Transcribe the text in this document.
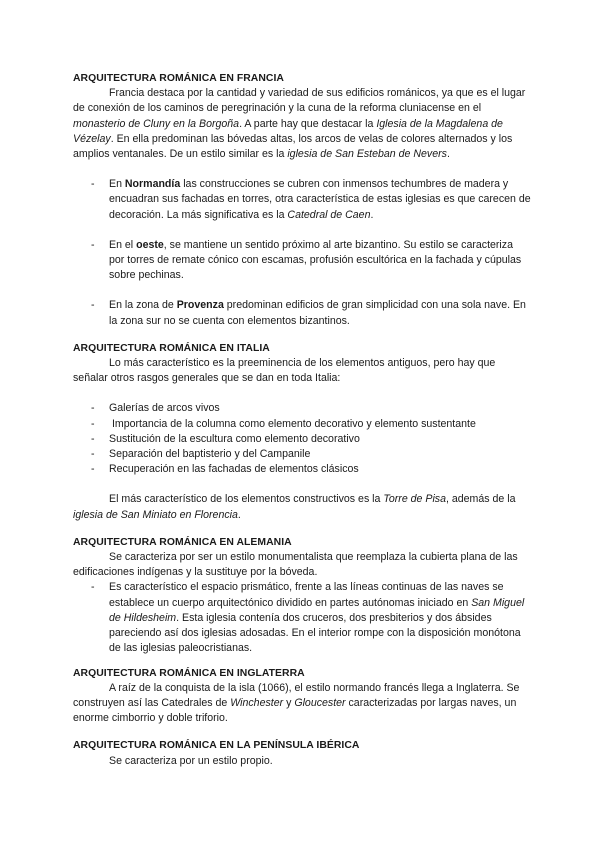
ARQUITECTURA ROMÁNICA EN FRANCIA

Francia destaca por la cantidad y variedad de sus edificios románicos, ya que es el lugar de conexión de los caminos de peregrinación y la cuna de la reforma cluniacense en el monasterio de Cluny en la Borgoña. A parte hay que destacar la Iglesia de la Magdalena de Vézelay. En ella predominan las bóvedas altas, los arcos de velas de colores alternados y los amplios ventanales. De un estilo similar es la iglesia de San Esteban de Nevers.

- En Normandía las construcciones se cubren con inmensos techumbres de madera y encuadran sus fachadas en torres, otra característica de estas iglesias es que carecen de decoración. La más significativa es la Catedral de Caen.
- En el oeste, se mantiene un sentido próximo al arte bizantino. Su estilo se caracteriza por torres de remate cónico con escamas, profusión escultórica en la fachada y cúpulas sobre pechinas.
- En la zona de Provenza predominan edificios de gran simplicidad con una sola nave. En la zona sur no se cuenta con elementos bizantinos.
ARQUITECTURA ROMÁNICA EN ITALIA

Lo más característico es la preeminencia de los elementos antiguos, pero hay que señalar otros rasgos generales que se dan en toda Italia:

- Galerías de arcos vivos
- Importancia de la columna como elemento decorativo y elemento sustentante
- Sustitución de la escultura como elemento decorativo
- Separación del baptisterio y del Campanile
- Recuperación en las fachadas de elementos clásicos

El más característico de los elementos constructivos es la Torre de Pisa, además de la iglesia de San Miniato en Florencia.

ARQUITECTURA ROMÁNICA EN ALEMANIA

Se caracteriza por ser un estilo monumentalista que reemplaza la cubierta plana de las edificaciones indígenas y la sustituye por la bóveda.

- Es característico el espacio prismático, frente a las líneas continuas de las naves se establece un cuerpo arquitectónico dividido en partes autónomas iniciado en San Miguel de Hildesheim. Esta iglesia contenía dos cruceros, dos presbiterios y dos ábsides pareciendo así dos iglesias adosadas. En el interior rompe con la disposición monótona de las iglesias paleocristianas.
ARQUITECTURA ROMÁNICA EN INGLATERRA

A raíz de la conquista de la isla (1066), el estilo normando francés llega a Inglaterra. Se construyen así las Catedrales de Winchester y Gloucester caracterizadas por largas naves, un enorme cimborrio y doble triforio.

ARQUITECTURA ROMÁNICA EN LA PENÍNSULA IBÉRICA

Se caracteriza por un estilo propio.
